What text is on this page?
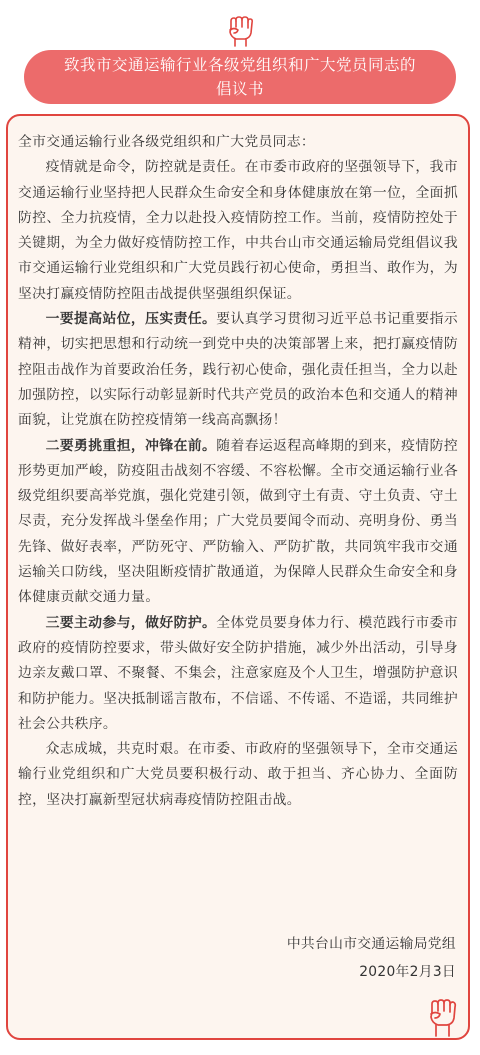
致我市交通运输行业各级党组织和广大党员同志的
倡议书

全市交通运输行业各级党组织和广大党员同志：

疫情就是命令，防控就是责任。在市委市政府的坚强领导下，我市交通运输行业坚持把人民群众生命安全和身体健康放在第一位，全面抓防控、全力抗疫情，全力以赴投入疫情防控工作。当前，疫情防控处于关键期，为全力做好疫情防控工作，中共台山市交通运输局党组倡议我市交通运输行业党组织和广大党员践行初心使命，勇担当、敢作为，为坚决打赢疫情防控阻击战提供坚强组织保证。

一要提高站位，压实责任。要认真学习贯彻习近平总书记重要指示精神，切实把思想和行动统一到党中央的决策部署上来，把打赢疫情防控阻击战作为首要政治任务，践行初心使命，强化责任担当，全力以赴加强防控，以实际行动彰显新时代共产党员的政治本色和交通人的精神面貌，让党旗在防控疫情第一线高高飘扬！

二要勇挑重担，冲锋在前。随着春运返程高峰期的到来，疫情防控形势更加严峻，防疫阻击战刻不容缓、不容松懈。全市交通运输行业各级党组织要高举党旗，强化党建引领，做到守土有责、守土负责、守土尽责，充分发挥战斗堡垒作用；广大党员要闻令而动、亮明身份、勇当先锋、做好表率，严防死守、严防输入、严防扩散，共同筑牢我市交通运输关口防线，坚决阻断疫情扩散通道，为保障人民群众生命安全和身体健康贡献交通力量。

三要主动参与，做好防护。全体党员要身体力行、模范践行市委市政府的疫情防控要求，带头做好安全防护措施，减少外出活动，引导身边亲友戴口罩、不聚餐、不集会，注意家庭及个人卫生，增强防护意识和防护能力。坚决抵制谣言散布，不信谣、不传谣、不造谣，共同维护社会公共秩序。

众志成城，共克时艰。在市委、市政府的坚强领导下，全市交通运输行业党组织和广大党员要积极行动、敢于担当、齐心协力、全面防控，坚决打赢新型冠状病毒疫情防控阻击战。

中共台山市交通运输局党组
2020年2月3日
